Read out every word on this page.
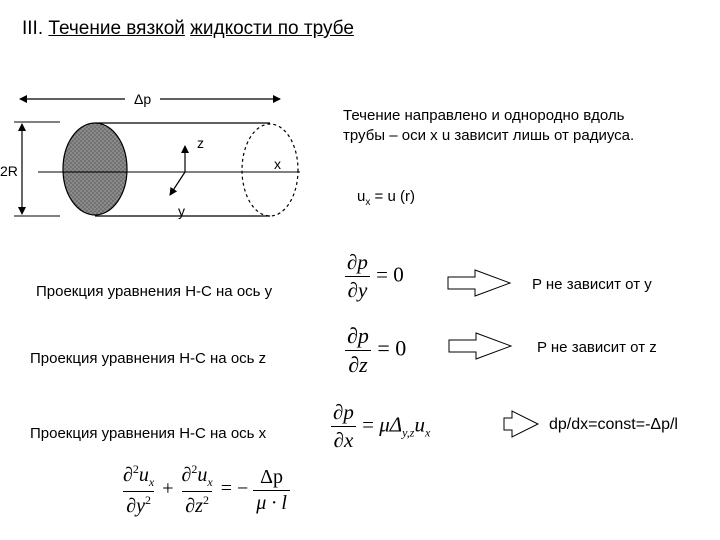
III. Течение вязкой жидкости по трубе
Δp
2R
z
x
y
Течение направлено и однородно вдоль трубы – оси x u зависит лишь от радиуса.
$u_x = u$ (r)
Проекция уравнения Н-С на ось y
Проекция уравнения Н-С на ось z
Проекция уравнения Н-С на ось x
$\frac{\partial p}{\partial y} = 0$
$\frac{\partial p}{\partial z} = 0$
$\frac{\partial p}{\partial x} = \mu\Delta_{y,z}u_x$
$\frac{\partial^2u_x}{\partial y^2} + \frac{\partial^2u_x}{\partial z^2}$ = − $\frac{\Delta p}{\mu \cdot l}$
P не зависит от y
P не зависит от z
dp/dx=const=-Δp/l
